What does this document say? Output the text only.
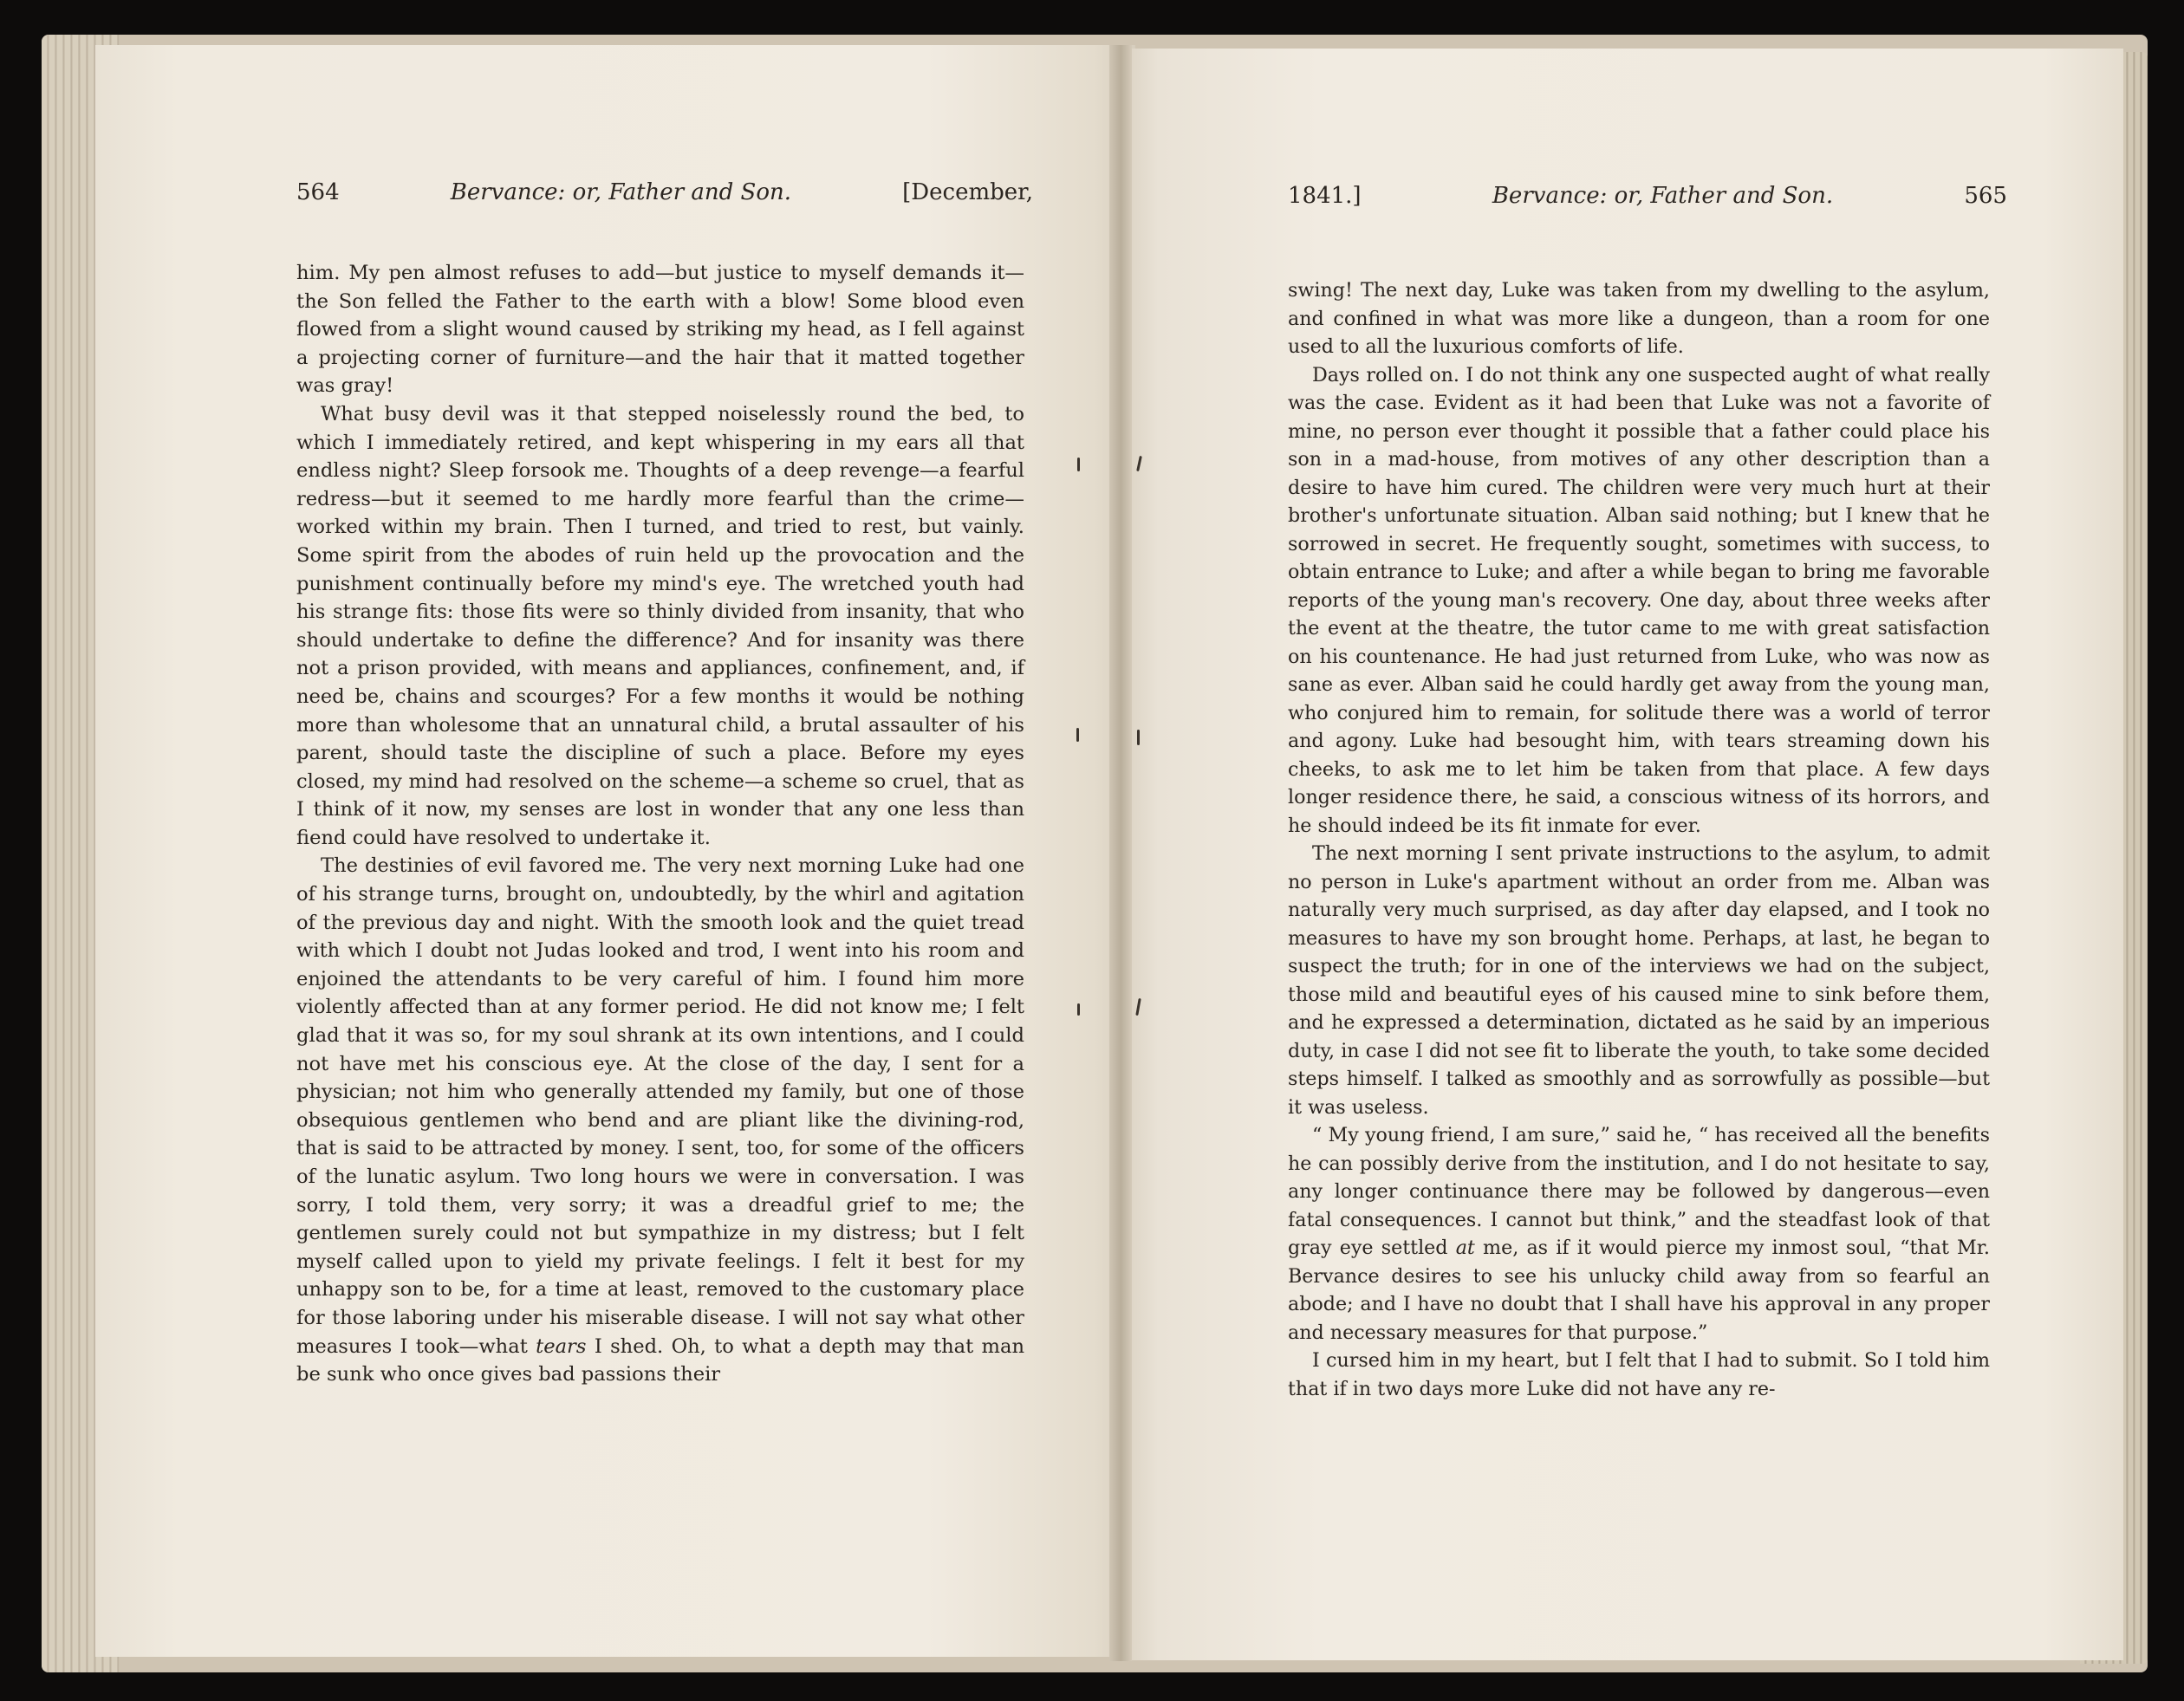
564	Bervance: or, Father and Son.	[December,

him. My pen almost refuses to add—but justice to myself demands it—the Son felled the Father to the earth with a blow! Some blood even flowed from a slight wound caused by striking my head, as I fell against a projecting corner of furniture—and the hair that it matted together was gray!

What busy devil was it that stepped noiselessly round the bed, to which I immediately retired, and kept whispering in my ears all that endless night? Sleep forsook me. Thoughts of a deep revenge—a fearful redress—but it seemed to me hardly more fearful than the crime—worked within my brain. Then I turned, and tried to rest, but vainly. Some spirit from the abodes of ruin held up the provocation and the punishment continually before my mind's eye. The wretched youth had his strange fits: those fits were so thinly divided from insanity, that who should undertake to define the difference? And for insanity was there not a prison provided, with means and appliances, confinement, and, if need be, chains and scourges? For a few months it would be nothing more than wholesome that an unnatural child, a brutal assaulter of his parent, should taste the discipline of such a place. Before my eyes closed, my mind had resolved on the scheme—a scheme so cruel, that as I think of it now, my senses are lost in wonder that any one less than fiend could have resolved to undertake it.

The destinies of evil favored me. The very next morning Luke had one of his strange turns, brought on, undoubtedly, by the whirl and agitation of the previous day and night. With the smooth look and the quiet tread with which I doubt not Judas looked and trod, I went into his room and enjoined the attendants to be very careful of him. I found him more violently affected than at any former period. He did not know me; I felt glad that it was so, for my soul shrank at its own intentions, and I could not have met his conscious eye. At the close of the day, I sent for a physician; not him who generally attended my family, but one of those obsequious gentlemen who bend and are pliant like the divining-rod, that is said to be attracted by money. I sent, too, for some of the officers of the lunatic asylum. Two long hours we were in conversation. I was sorry, I told them, very sorry; it was a dreadful grief to me; the gentlemen surely could not but sympathize in my distress; but I felt myself called upon to yield my private feelings. I felt it best for my unhappy son to be, for a time at least, removed to the customary place for those laboring under his miserable disease. I will not say what other measures I took—what tears I shed. Oh, to what a depth may that man be sunk who once gives bad passions their

1841.]	Bervance: or, Father and Son.	565

swing! The next day, Luke was taken from my dwelling to the asylum, and confined in what was more like a dungeon, than a room for one used to all the luxurious comforts of life.

Days rolled on. I do not think any one suspected aught of what really was the case. Evident as it had been that Luke was not a favorite of mine, no person ever thought it possible that a father could place his son in a mad-house, from motives of any other description than a desire to have him cured. The children were very much hurt at their brother's unfortunate situation. Alban said nothing; but I knew that he sorrowed in secret. He frequently sought, sometimes with success, to obtain entrance to Luke; and after a while began to bring me favorable reports of the young man's recovery. One day, about three weeks after the event at the theatre, the tutor came to me with great satisfaction on his countenance. He had just returned from Luke, who was now as sane as ever. Alban said he could hardly get away from the young man, who conjured him to remain, for solitude there was a world of terror and agony. Luke had besought him, with tears streaming down his cheeks, to ask me to let him be taken from that place. A few days longer residence there, he said, a conscious witness of its horrors, and he should indeed be its fit inmate for ever.

The next morning I sent private instructions to the asylum, to admit no person in Luke's apartment without an order from me. Alban was naturally very much surprised, as day after day elapsed, and I took no measures to have my son brought home. Perhaps, at last, he began to suspect the truth; for in one of the interviews we had on the subject, those mild and beautiful eyes of his caused mine to sink before them, and he expressed a determination, dictated as he said by an imperious duty, in case I did not see fit to liberate the youth, to take some decided steps himself. I talked as smoothly and as sorrowfully as possible—but it was useless.

“ My young friend, I am sure,” said he, “ has received all the benefits he can possibly derive from the institution, and I do not hesitate to say, any longer continuance there may be followed by dangerous—even fatal consequences. I cannot but think,” and the steadfast look of that gray eye settled at me, as if it would pierce my inmost soul, “that Mr. Bervance desires to see his unlucky child away from so fearful an abode; and I have no doubt that I shall have his approval in any proper and necessary measures for that purpose.”

I cursed him in my heart, but I felt that I had to submit. So I told him that if in two days more Luke did not have any re-
